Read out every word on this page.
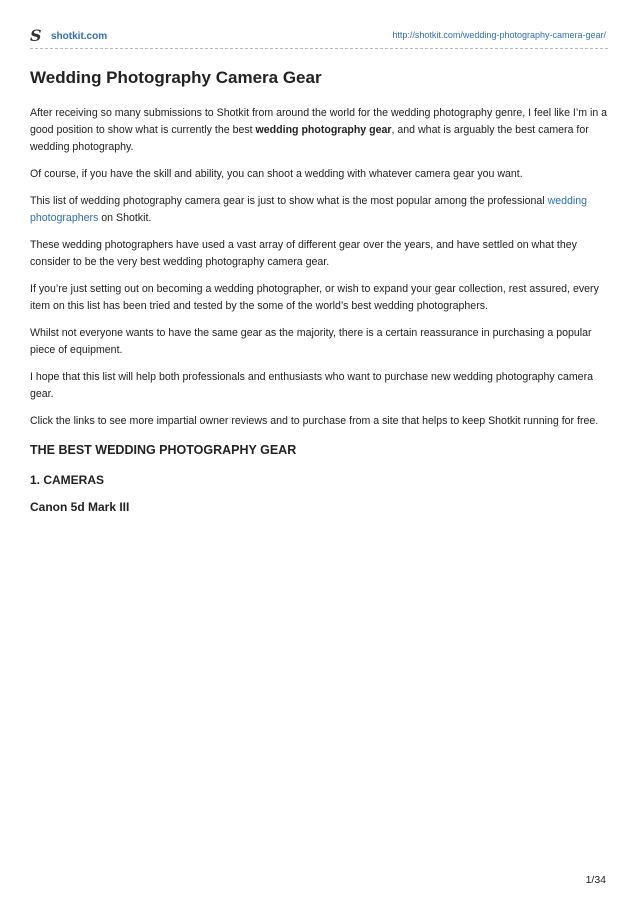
S shotkit.com	http://shotkit.com/wedding-photography-camera-gear/
Wedding Photography Camera Gear

After receiving so many submissions to Shotkit from around the world for the wedding photography genre, I feel like I’m in a good position to show what is currently the best wedding photography gear, and what is arguably the best camera for wedding photography.

Of course, if you have the skill and ability, you can shoot a wedding with whatever camera gear you want.

This list of wedding photography camera gear is just to show what is the most popular among the professional wedding photographers on Shotkit.

These wedding photographers have used a vast array of different gear over the years, and have settled on what they consider to be the very best wedding photography camera gear.

If you’re just setting out on becoming a wedding photographer, or wish to expand your gear collection, rest assured, every item on this list has been tried and tested by the some of the world’s best wedding photographers.

Whilst not everyone wants to have the same gear as the majority, there is a certain reassurance in purchasing a popular piece of equipment.

I hope that this list will help both professionals and enthusiasts who want to purchase new wedding photography camera gear.

Click the links to see more impartial owner reviews and to purchase from a site that helps to keep Shotkit running for free.

THE BEST WEDDING PHOTOGRAPHY GEAR
1. CAMERAS
Canon 5d Mark III
1/34
